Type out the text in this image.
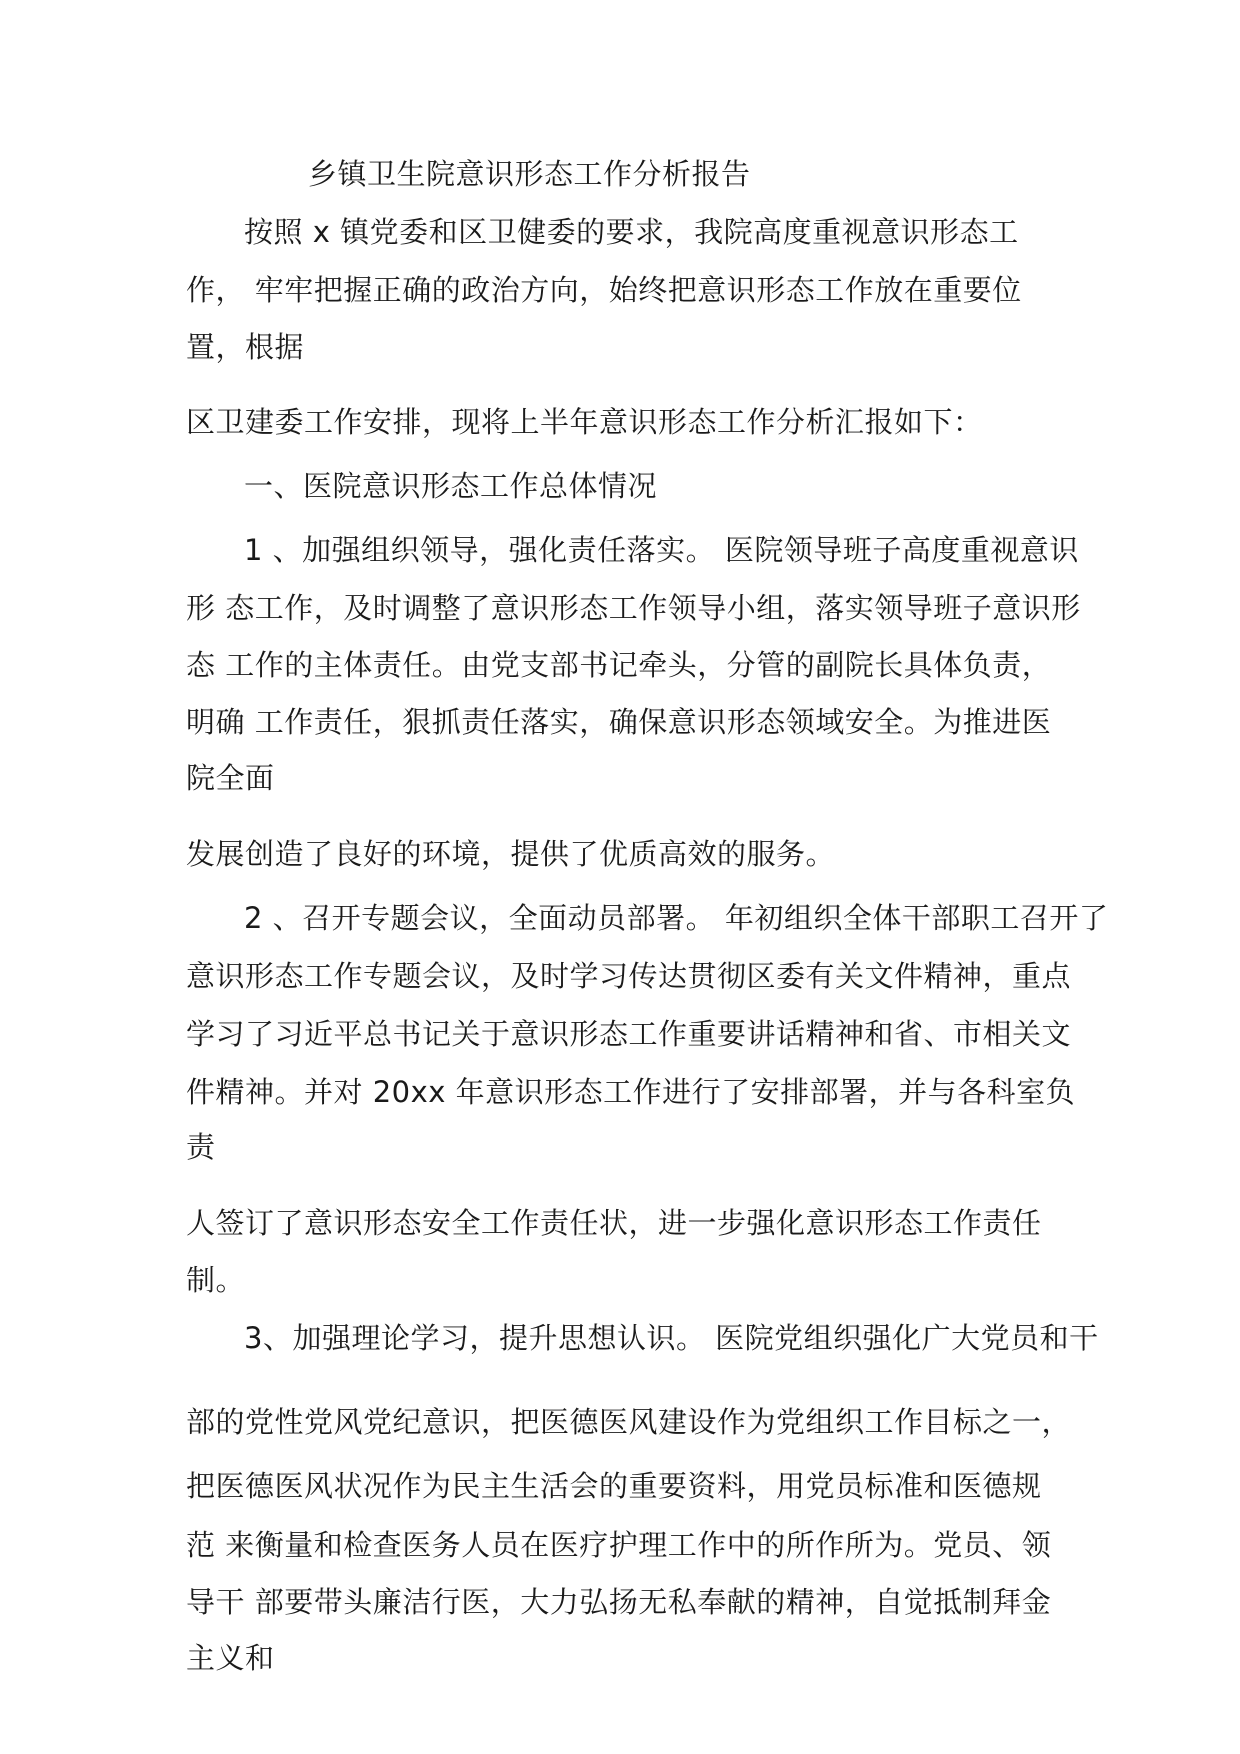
乡镇卫生院意识形态工作分析报告
按照 x 镇党委和区卫健委的要求，我院高度重视意识形态工
作， 牢牢把握正确的政治方向，始终把意识形态工作放在重要位
置，根据
区卫建委工作安排，现将上半年意识形态工作分析汇报如下：
一、医院意识形态工作总体情况
1 、加强组织领导，强化责任落实。 医院领导班子高度重视意识
形 态工作，及时调整了意识形态工作领导小组，落实领导班子意识形
态 工作的主体责任。由党支部书记牵头，分管的副院长具体负责，
明确 工作责任，狠抓责任落实，确保意识形态领域安全。为推进医
院全面
发展创造了良好的环境，提供了优质高效的服务。
2 、召开专题会议，全面动员部署。 年初组织全体干部职工召开了
意识形态工作专题会议，及时学习传达贯彻区委有关文件精神，重点
学习了习近平总书记关于意识形态工作重要讲话精神和省、市相关文
件精神。并对 20xx 年意识形态工作进行了安排部署，并与各科室负
责
人签订了意识形态安全工作责任状，进一步强化意识形态工作责任
制。
3、加强理论学习，提升思想认识。 医院党组织强化广大党员和干
部的党性党风党纪意识，把医德医风建设作为党组织工作目标之一，
把医德医风状况作为民主生活会的重要资料，用党员标准和医德规
范 来衡量和检查医务人员在医疗护理工作中的所作所为。党员、领
导干 部要带头廉洁行医，大力弘扬无私奉献的精神，自觉抵制拜金
主义和
